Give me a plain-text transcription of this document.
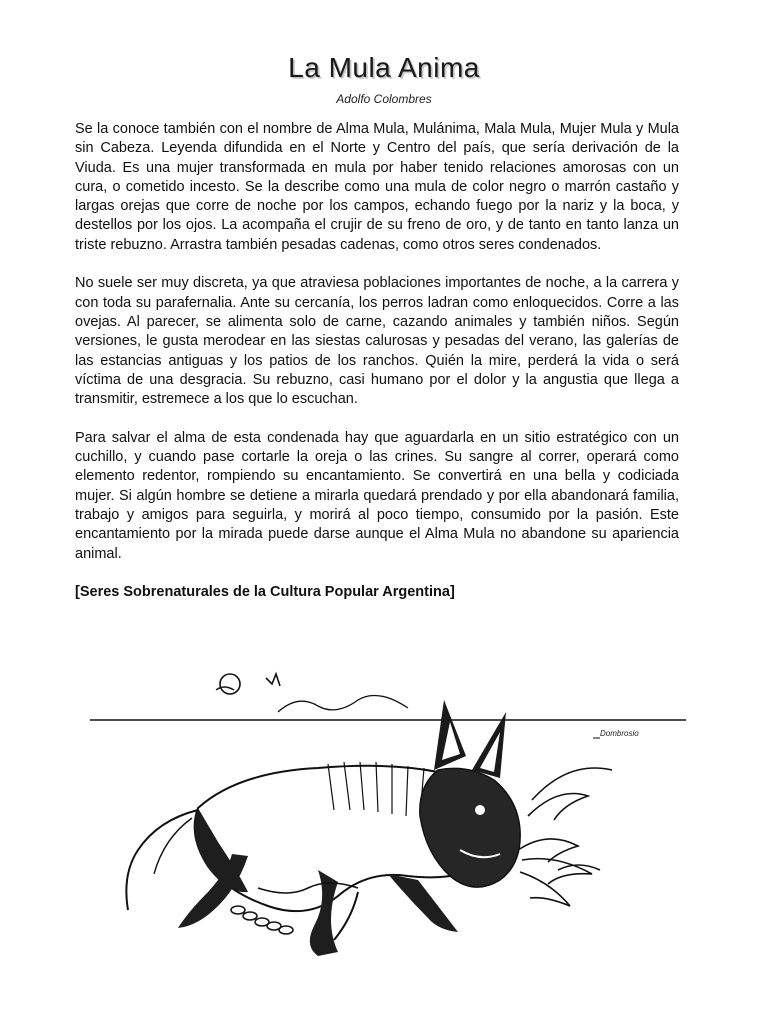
La Mula Anima
Adolfo Colombres

Se la conoce también con el nombre de Alma Mula, Mulánima, Mala Mula, Mujer Mula y Mula sin Cabeza. Leyenda difundida en el Norte y Centro del país, que sería derivación de la Viuda. Es una mujer transformada en mula por haber tenido relaciones amorosas con un cura, o cometido incesto. Se la describe como una mula de color negro o marrón castaño y largas orejas que corre de noche por los campos, echando fuego por la nariz y la boca, y destellos por los ojos. La acompaña el crujir de su freno de oro, y de tanto en tanto lanza un triste rebuzno. Arrastra también pesadas cadenas, como otros seres condenados.

No suele ser muy discreta, ya que atraviesa poblaciones importantes de noche, a la carrera y con toda su parafernalia. Ante su cercanía, los perros ladran como enloquecidos. Corre a las ovejas. Al parecer, se alimenta solo de carne, cazando animales y también niños. Según versiones, le gusta merodear en las siestas calurosas y pesadas del verano, las galerías de las estancias antiguas y los patios de los ranchos. Quién la mire, perderá la vida o será víctima de una desgracia. Su rebuzno, casi humano por el dolor y la angustia que llega a transmitir, estremece a los que lo escuchan.

Para salvar el alma de esta condenada hay que aguardarla en un sitio estratégico con un cuchillo, y cuando pase cortarle la oreja o las crines. Su sangre al correr, operará como elemento redentor, rompiendo su encantamiento. Se convertirá en una bella y codiciada mujer. Si algún hombre se detiene a mirarla quedará prendado y por ella abandonará familia, trabajo y amigos para seguirla, y morirá al poco tiempo, consumido por la pasión. Este encantamiento por la mirada puede darse aunque el Alma Mula no abandone su apariencia animal.

[Seres Sobrenaturales de la Cultura Popular Argentina]

Dombrosio
